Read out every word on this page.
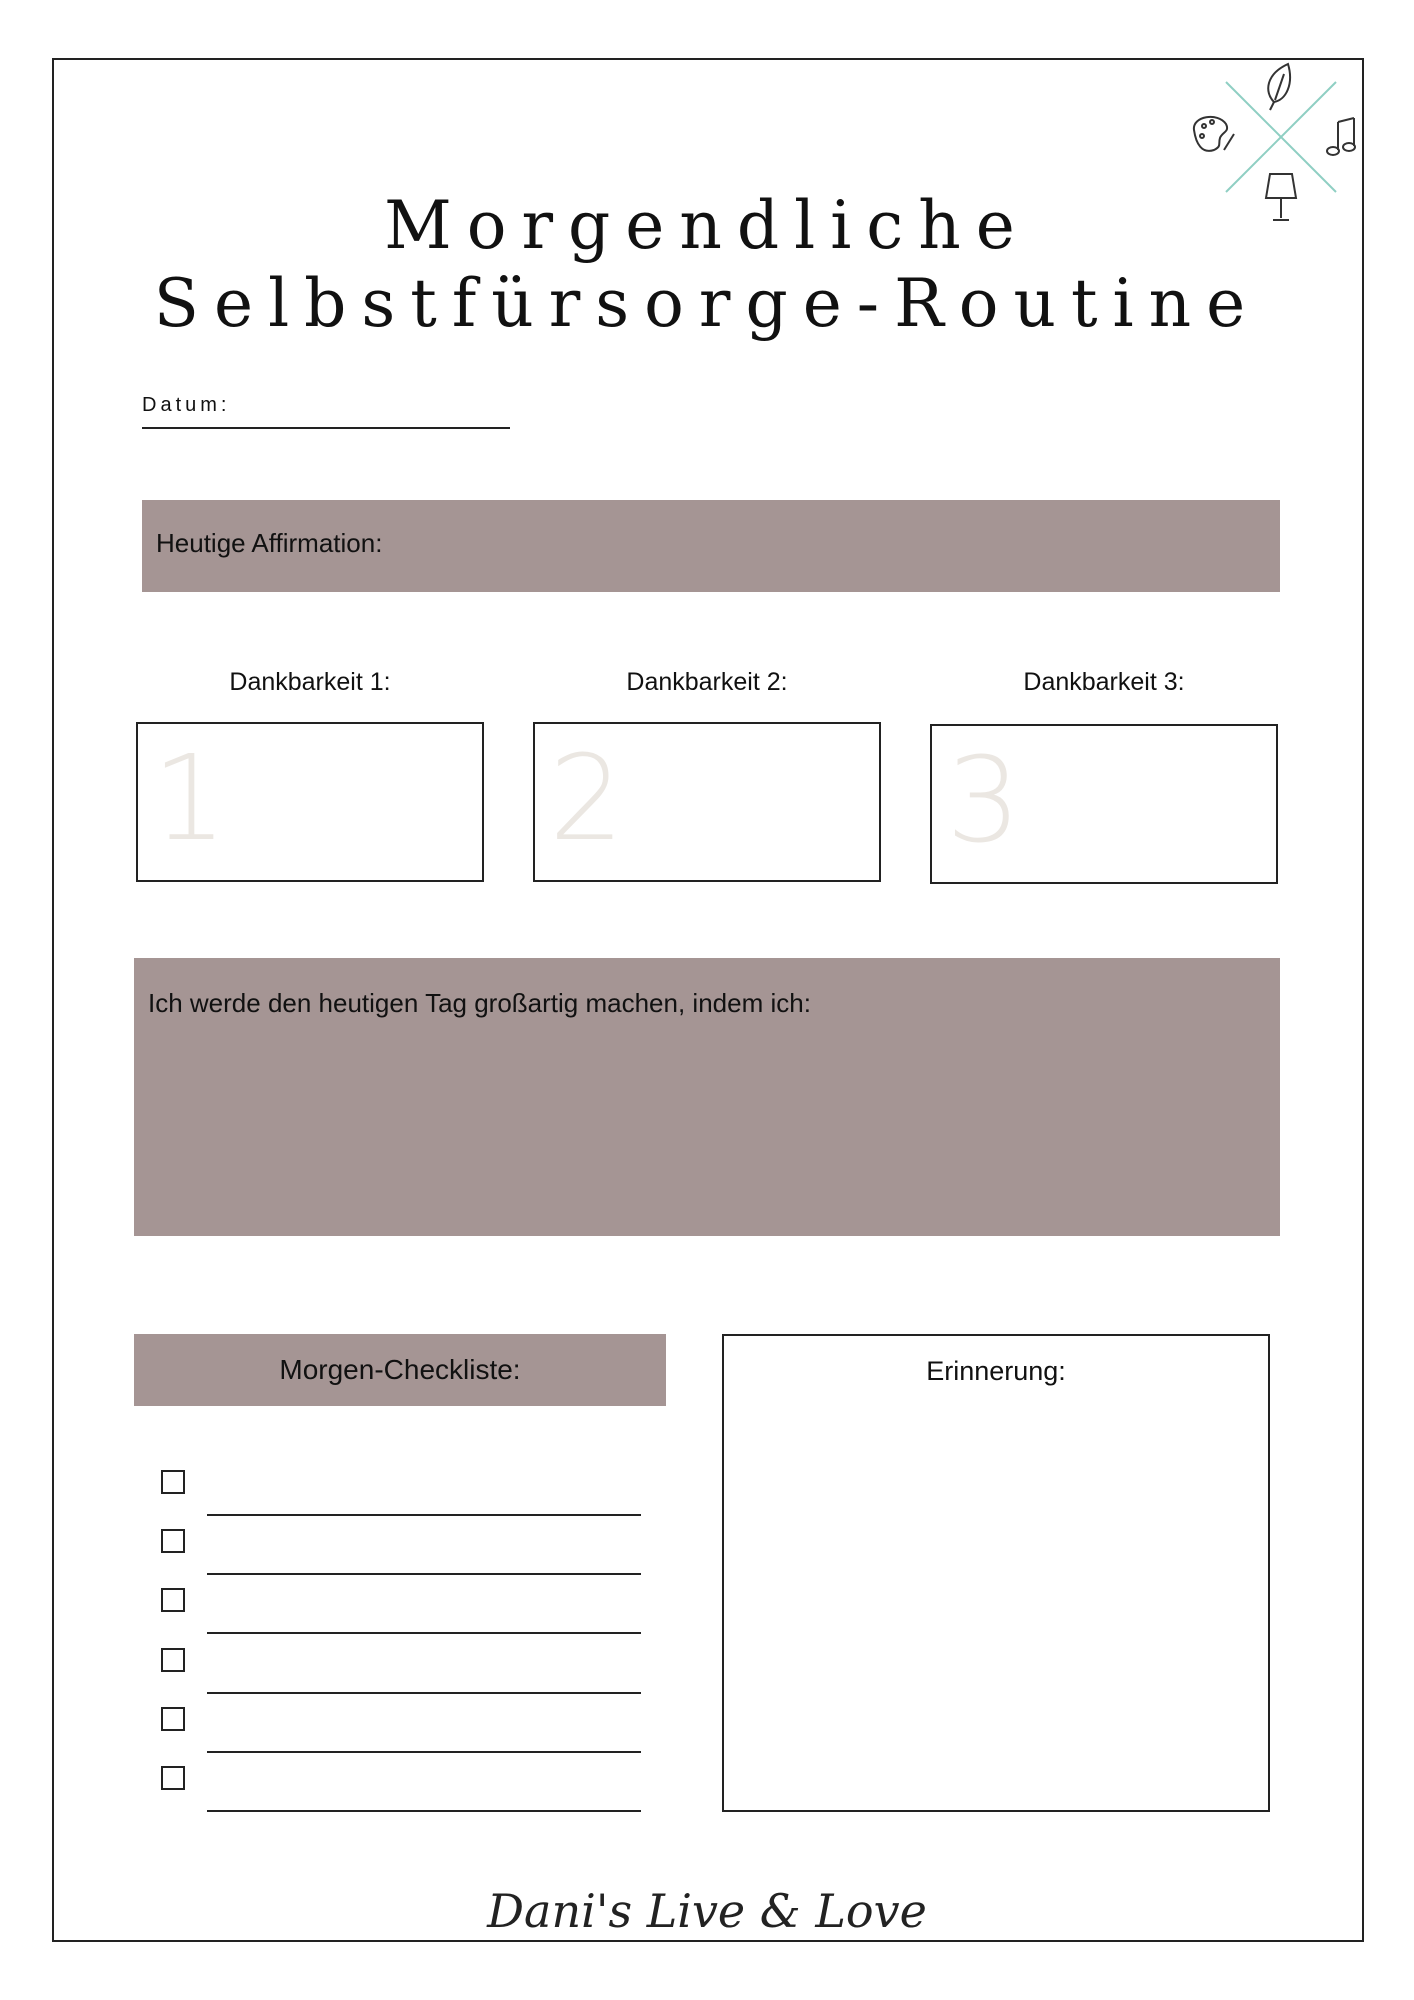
Morgendliche
Selbstfürsorge-Routine
Datum:
Heutige Affirmation:
Dankbarkeit 1:	Dankbarkeit 2:	Dankbarkeit 3:
1	2	3
Ich werde den heutigen Tag großartig machen, indem ich:
Morgen-Checkliste:	Erinnerung:
Dani's Live & Love
